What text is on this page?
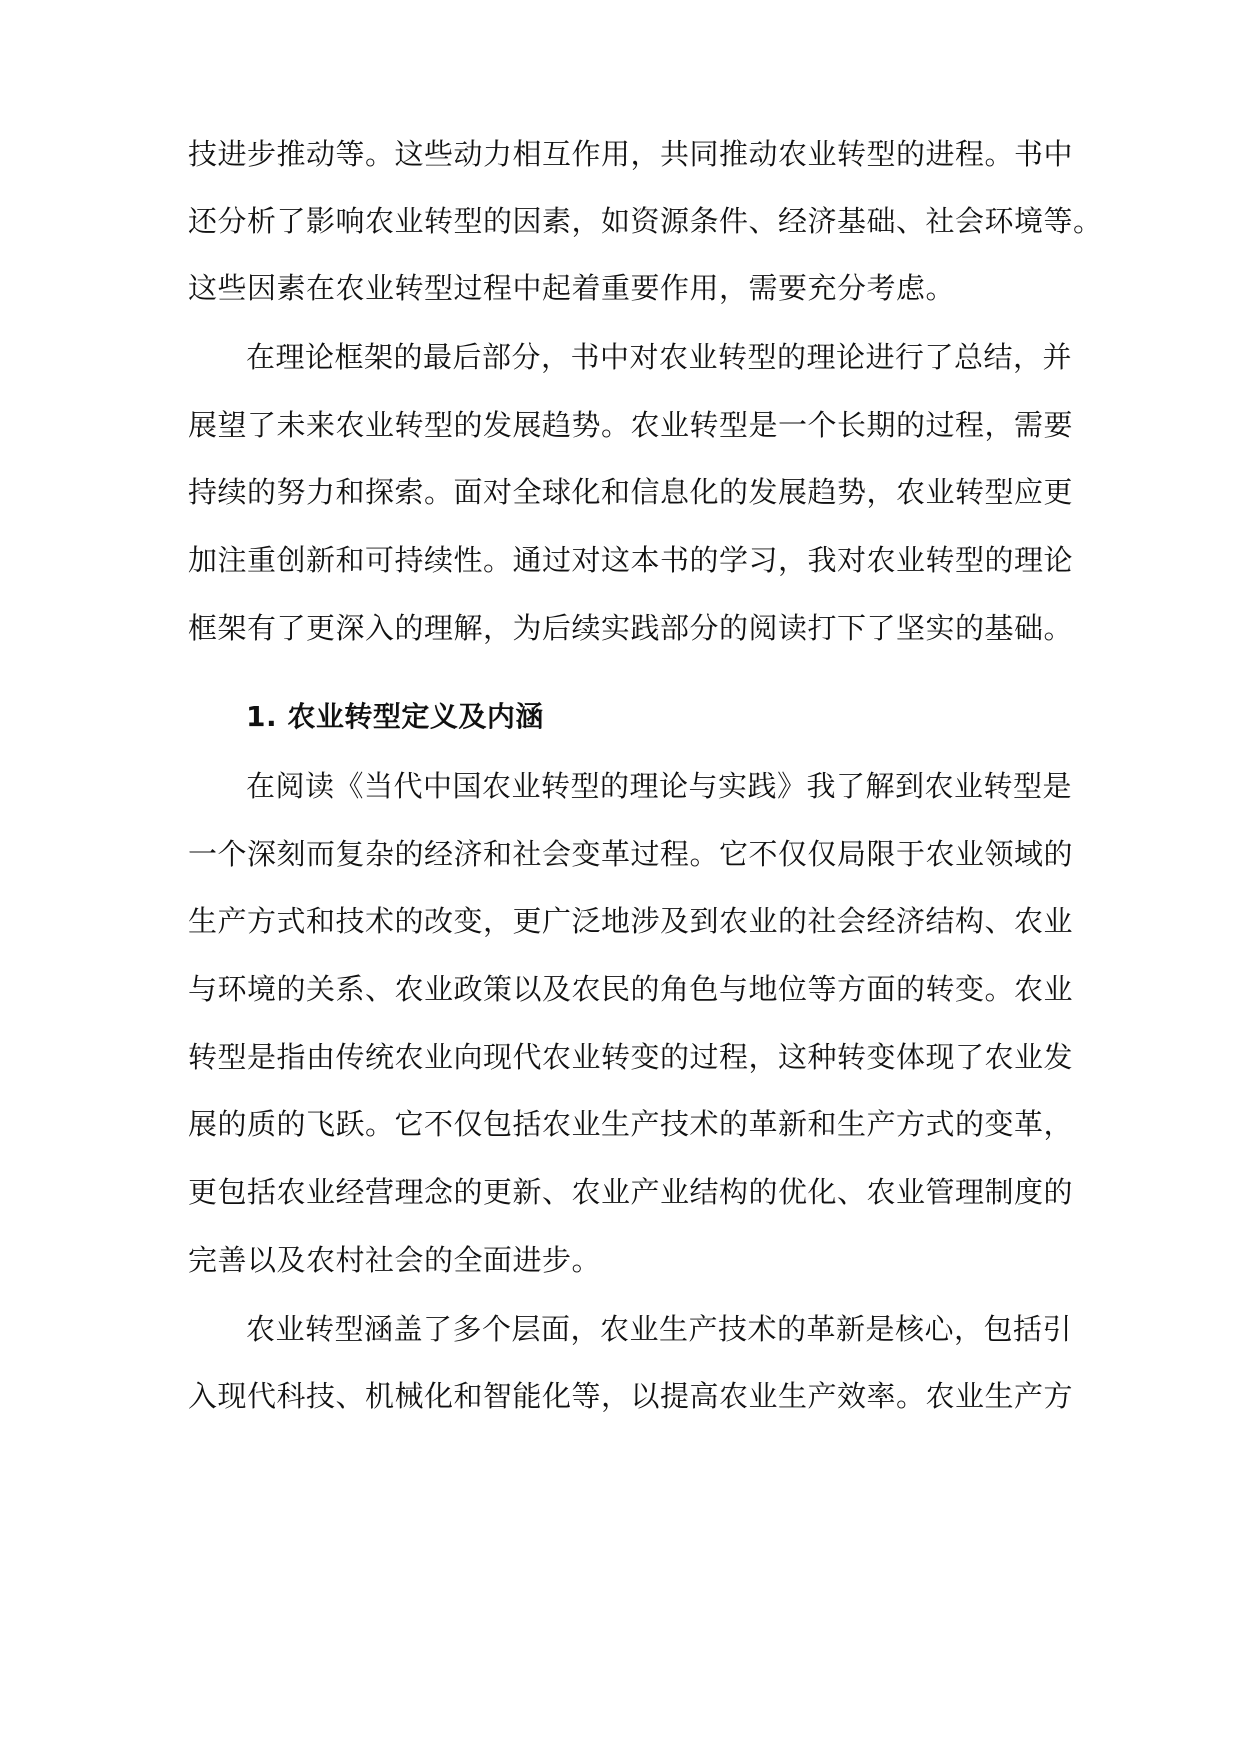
技进步推动等。这些动力相互作用，共同推动农业转型的进程。书中
还分析了影响农业转型的因素，如资源条件、经济基础、社会环境等。
这些因素在农业转型过程中起着重要作用，需要充分考虑。
在理论框架的最后部分，书中对农业转型的理论进行了总结，并
展望了未来农业转型的发展趋势。农业转型是一个长期的过程，需要
持续的努力和探索。面对全球化和信息化的发展趋势，农业转型应更
加注重创新和可持续性。通过对这本书的学习，我对农业转型的理论
框架有了更深入的理解，为后续实践部分的阅读打下了坚实的基础。
1. 农业转型定义及内涵
在阅读《当代中国农业转型的理论与实践》我了解到农业转型是
一个深刻而复杂的经济和社会变革过程。它不仅仅局限于农业领域的
生产方式和技术的改变，更广泛地涉及到农业的社会经济结构、农业
与环境的关系、农业政策以及农民的角色与地位等方面的转变。农业
转型是指由传统农业向现代农业转变的过程，这种转变体现了农业发
展的质的飞跃。它不仅包括农业生产技术的革新和生产方式的变革，
更包括农业经营理念的更新、农业产业结构的优化、农业管理制度的
完善以及农村社会的全面进步。
农业转型涵盖了多个层面，农业生产技术的革新是核心，包括引
入现代科技、机械化和智能化等，以提高农业生产效率。农业生产方
